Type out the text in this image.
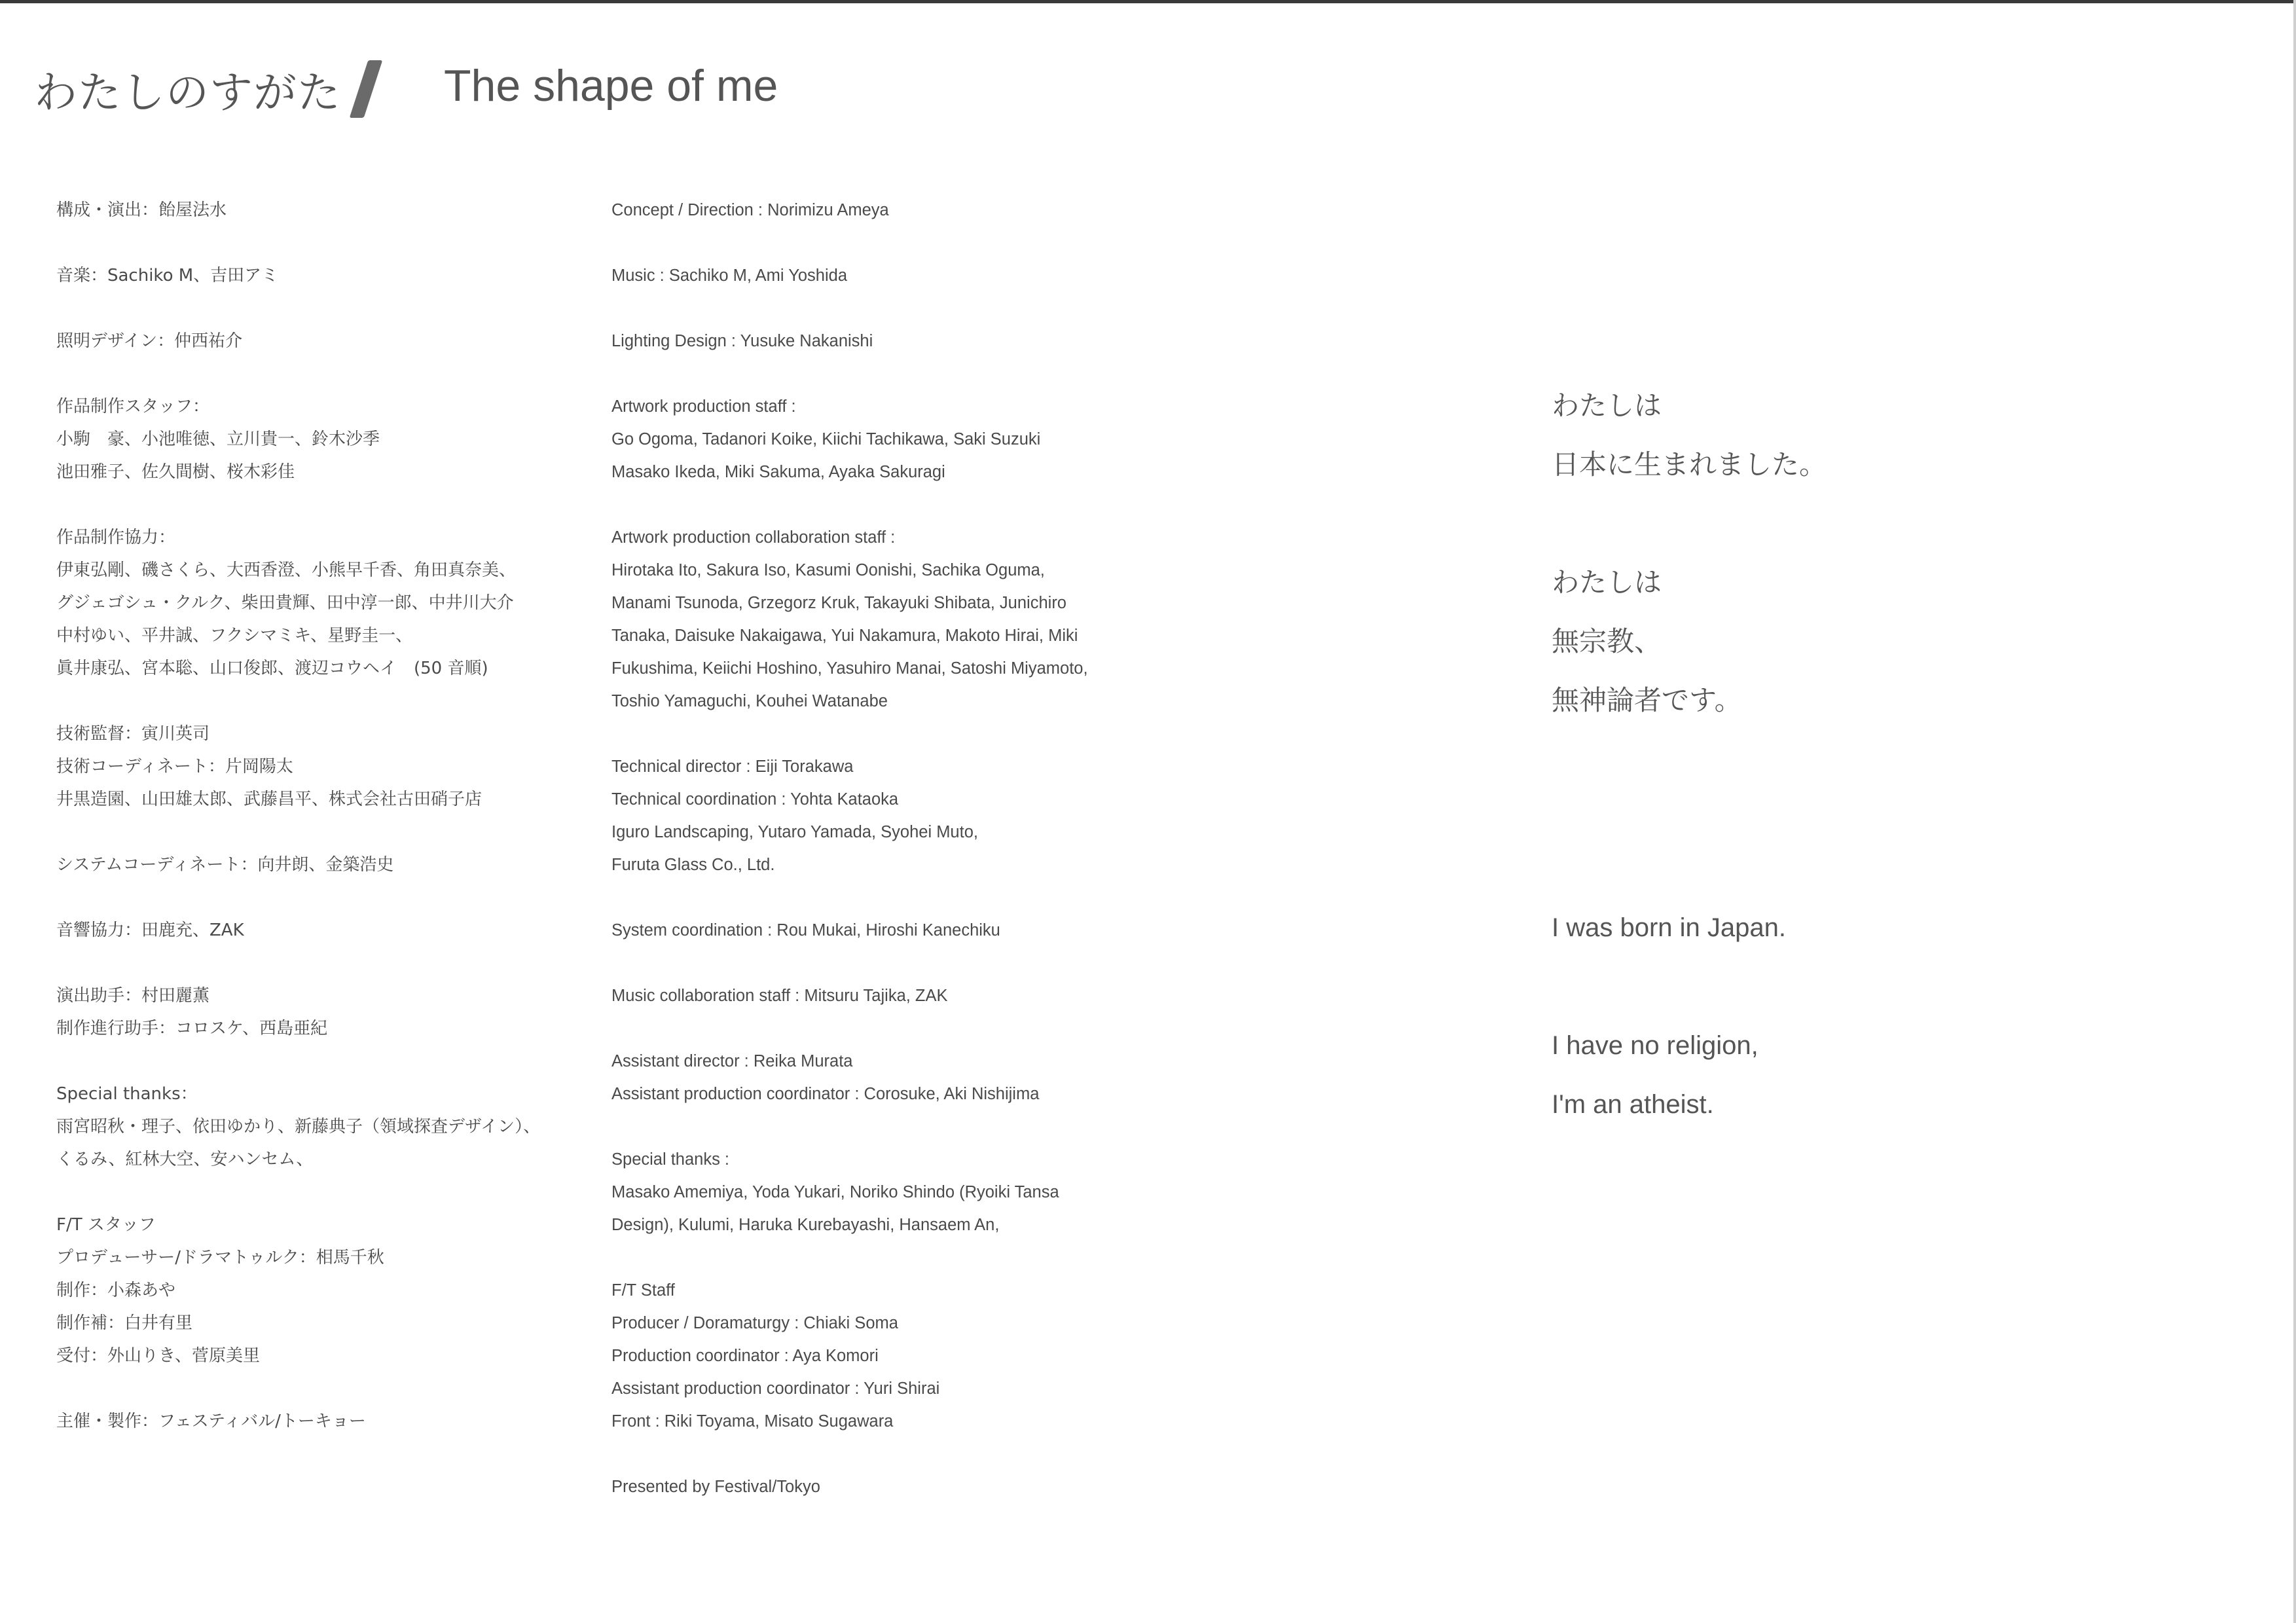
わたしのすがた The shape of me
構成・演出：飴屋法水
音楽：Sachiko M、吉田アミ
照明デザイン：仲西祐介
作品制作スタッフ：
小駒　豪、小池唯徳、立川貴一、鈴木沙季
池田雅子、佐久間樹、桜木彩佳
作品制作協力：
伊東弘剛、磯さくら、大西香澄、小熊早千香、角田真奈美、
グジェゴシュ・クルク、柴田貴輝、田中淳一郎、中井川大介
中村ゆい、平井誠、フクシマミキ、星野圭一、
眞井康弘、宮本聡、山口俊郎、渡辺コウヘイ　(50 音順)
技術監督：寅川英司
技術コーディネート：片岡陽太
井黒造園、山田雄太郎、武藤昌平、株式会社古田硝子店
システムコーディネート：向井朗、金築浩史
音響協力：田鹿充、ZAK
演出助手：村田麗薫
制作進行助手：コロスケ、西島亜紀
Special thanks：
雨宮昭秋・理子、依田ゆかり、新藤典子（領域探査デザイン）、
くるみ、紅林大空、安ハンセム、
F/T スタッフ
プロデューサー/ドラマトゥルク：相馬千秋
制作：小森あや
制作補：白井有里
受付：外山りき、菅原美里
主催・製作：フェスティバル/トーキョー
Concept / Direction : Norimizu Ameya
Music : Sachiko M, Ami Yoshida
Lighting Design : Yusuke Nakanishi
Artwork production staff :
Go Ogoma, Tadanori Koike, Kiichi Tachikawa, Saki Suzuki
Masako Ikeda, Miki Sakuma, Ayaka Sakuragi
Artwork production collaboration staff :
Hirotaka Ito, Sakura Iso, Kasumi Oonishi, Sachika Oguma,
Manami Tsunoda, Grzegorz Kruk, Takayuki Shibata, Junichiro
Tanaka, Daisuke Nakaigawa, Yui Nakamura, Makoto Hirai, Miki
Fukushima, Keiichi Hoshino, Yasuhiro Manai, Satoshi Miyamoto,
Toshio Yamaguchi, Kouhei Watanabe
Technical director : Eiji Torakawa
Technical coordination : Yohta Kataoka
Iguro Landscaping, Yutaro Yamada, Syohei Muto,
Furuta Glass Co., Ltd.
System coordination : Rou Mukai, Hiroshi Kanechiku
Music collaboration staff : Mitsuru Tajika, ZAK
Assistant director : Reika Murata
Assistant production coordinator : Corosuke, Aki Nishijima
Special thanks :
Masako Amemiya, Yoda Yukari, Noriko Shindo (Ryoiki Tansa
Design), Kulumi, Haruka Kurebayashi, Hansaem An,
F/T Staff
Producer / Doramaturgy : Chiaki Soma
Production coordinator : Aya Komori
Assistant production coordinator : Yuri Shirai
Front : Riki Toyama, Misato Sugawara
Presented by Festival/Tokyo
わたしは
日本に生まれました。
わたしは
無宗教、
無神論者です。
I was born in Japan.
I have no religion,
I'm an atheist.
